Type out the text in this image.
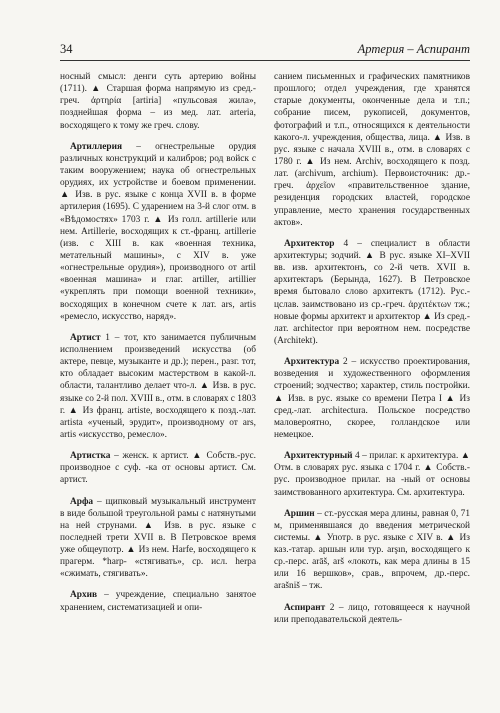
34	Артерия – Аспирант

носный смысл: денги суть артерию войны (1711). ▲ Старшая форма напрямую из сред.-греч. ἀρτηρία [artiria] «пульсовая жила», позднейшая форма – из мед. лат. arteria, восходящего к тому же греч. слову.

Артиллерия – огнестрельные орудия различных конструкций и калибров; род войск с таким вооружением; наука об огнестрельных орудиях, их устройстве и боевом применении. ▲ Изв. в рус. языке с конца XVII в. в форме артилерия (1695). С ударением на 3-й слог отм. в «Вѣдомостях» 1703 г. ▲ Из голл. artillerie или нем. Artillerie, восходящих к ст.-франц. artillerie (изв. с XIII в. как «военная техника, метательный машины», с XIV в. уже «огнестрельные орудия»), производного от artil «военная машина» и глаг. artiller, artillier «укреплять при помощи военной техники», восходящих в конечном счете к лат. ars, artis «ремесло, искусство, наряд».

Артист 1 – тот, кто занимается публичным исполнением произведений искусства (об актере, певце, музыканте и др.); перен., разг. тот, кто обладает высоким мастерством в какой-л. области, талантливо делает что-л. ▲ Изв. в рус. языке со 2-й пол. XVIII в., отм. в словарях с 1803 г. ▲ Из франц. artiste, восходящего к позд.-лат. artista «ученый, эрудит», производному от ars, artis «искусство, ремесло».

Артистка – женск. к артист. ▲ Собств.-рус. производное с суф. -ка от основы артист. См. артист.

Арфа – щипковый музыкальный инструмент в виде большой треугольной рамы с натянутыми на ней струнами. ▲ Изв. в рус. языке с последней трети XVII в. В Петровское время уже общеупотр. ▲ Из нем. Harfe, восходящего к прагерм. *harp- «стягивать», ср. исл. herpa «сжимать, стягивать».

Архив – учреждение, специально занятое хранением, систематизацией и опи-

санием письменных и графических памятников прошлого; отдел учреждения, где хранятся старые документы, оконченные дела и т.п.; собрание писем, рукописей, документов, фотографий и т.п., относящихся к деятельности какого-л. учреждения, общества, лица. ▲ Изв. в рус. языке с начала XVIII в., отм. в словарях с 1780 г. ▲ Из нем. Archiv, восходящего к позд. лат. (archivum, archium). Первоисточник: др.-греч. ἀρχεῖον «правительственное здание, резиденция городских властей, городское управление, место хранения государственных актов».

Архитектор 4 – специалист в области архитектуры; зодчий. ▲ В рус. языке XI–XVII вв. изв. архитектонъ, со 2-й четв. XVII в. архитектаръ (Берында, 1627). В Петровское время бытовало слово архитектъ (1712). Рус.-цслав. заимствовано из ср.-греч. ἀρχιτέκτων тж.; новые формы архитект и архитектор ▲ Из сред.-лат. architector при вероятном нем. посредстве (Architekt).

Архитектура 2 – искусство проектирования, возведения и художественного оформления строений; зодчество; характер, стиль постройки. ▲ Изв. в рус. языке со времени Петра I ▲ Из сред.-лат. architectura. Польское посредство маловероятно, скорее, голландское или немецкое.

Архитектурный 4 – прилаг. к архитектура. ▲ Отм. в словарях рус. языка с 1704 г. ▲ Собств.-рус. производное прилаг. на -ный от основы заимствованного архитектура. См. архитектура.

Аршин – ст.-русская мера длины, равная 0, 71 м, применявшаяся до введения метрической системы. ▲ Употр. в рус. языке с XIV в. ▲ Из каз.-татар. аршын или тур. arşın, восходящего к ср.-перс. arāš, arš «локоть, как мера длины в 15 или 16 вершков», срав., впрочем, др.-перс. arašniš – тж.

Аспирант 2 – лицо, готовящееся к научной или преподавательской деятель-
